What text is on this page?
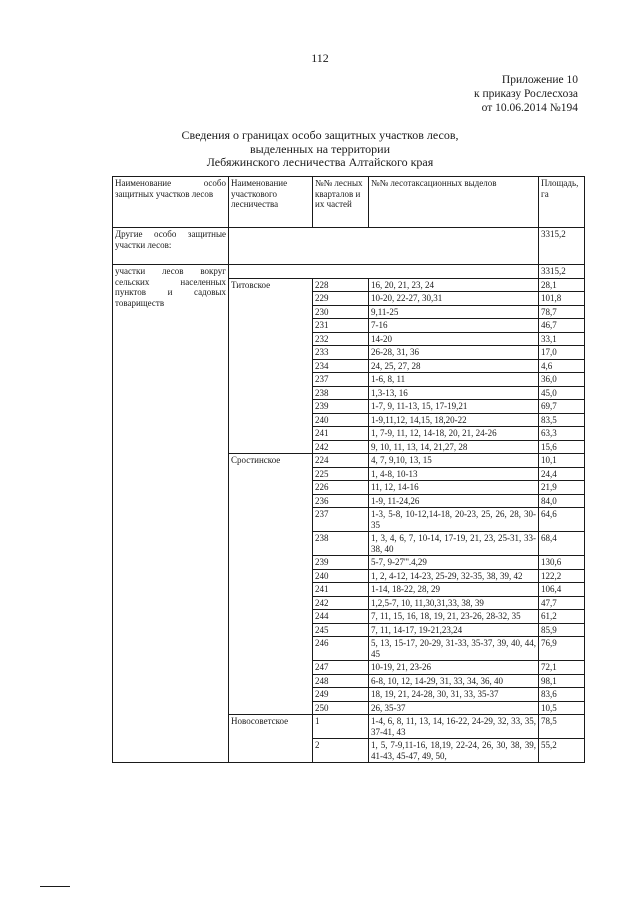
112
Приложение 10
к приказу Рослесхоза
от 10.06.2014 №194
Сведения о границах особо защитных участков лесов,
выделенных на территории
Лебяжинского лесничества Алтайского края
Наименование особо защитных участков лесов	Наименование участкового лесничества	№№ лесных кварталов и их частей	№№ лесотаксационных выделов	Площадь, га
Другие особо защитные участки лесов:				3315,2
участки лесов вокруг сельских населенных пунктов и садовых товариществ				3315,2
	Титовское	228	16, 20, 21, 23, 24	28,1
		229	10-20, 22-27, 30,31	101,8
		230	9,11-25	78,7
		231	7-16	46,7
		232	14-20	33,1
		233	26-28, 31, 36	17,0
		234	24, 25, 27, 28	4,6
		237	1-6, 8, 11	36,0
		238	1,3-13, 16	45,0
		239	1-7, 9, 11-13, 15, 17-19,21	69,7
		240	1-9,11,12, 14,15, 18,20-22	83,5
		241	1, 7-9, 11, 12, 14-18, 20, 21, 24-26	63,3
		242	9, 10, 11, 13, 14, 21,27, 28	15,6
	Сростинское	224	4, 7, 9,10, 13, 15	10,1
		225	1, 4-8, 10-13	24,4
		226	11, 12, 14-16	21,9
		236	1-9, 11-24,26	84,0
		237	1-3, 5-8, 10-12,14-18, 20-23, 25, 26, 28, 30-35	64,6
		238	1, 3, 4, 6, 7, 10-14, 17-19, 21, 23, 25-31, 33-38, 40	68,4
		239	5-7, 9-27'''.4,29	130,6
		240	1, 2, 4-12, 14-23, 25-29, 32-35, 38, 39, 42	122,2
		241	1-14, 18-22, 28, 29	106,4
		242	1,2,5-7, 10, 11,30,31,33, 38, 39	47,7
		244	7, 11, 15, 16, 18, 19, 21, 23-26, 28-32, 35	61,2
		245	7, 11, 14-17, 19-21,23,24	85,9
		246	5, 13, 15-17, 20-29, 31-33, 35-37, 39, 40, 44, 45	76,9
		247	10-19, 21, 23-26	72,1
		248	6-8, 10, 12, 14-29, 31, 33, 34, 36, 40	98,1
		249	18, 19, 21, 24-28, 30, 31, 33, 35-37	83,6
		250	26, 35-37	10,5
	Новосоветское	1	1-4, 6, 8, 11, 13, 14, 16-22, 24-29, 32, 33, 35, 37-41, 43	78,5
		2	1, 5, 7-9,11-16, 18,19, 22-24, 26, 30, 38, 39, 41-43, 45-47, 49, 50,	55,2
